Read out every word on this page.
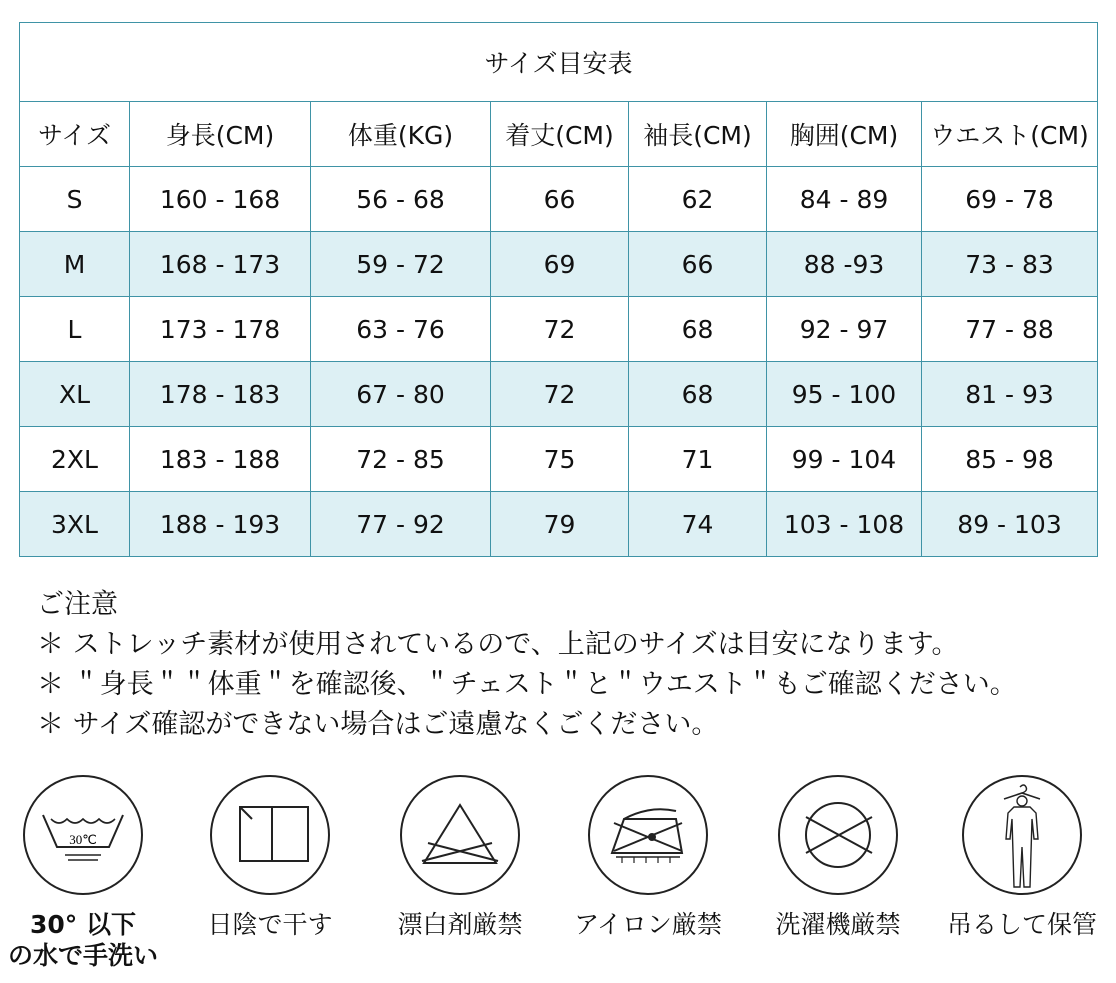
サイズ目安表						
サイズ	身長(CM)	体重(KG)	着丈(CM)	袖長(CM)	胸囲(CM)	ウエスト(CM)
S	160 - 168	56 - 68	66	62	84 - 89	69 - 78
M	168 - 173	59 - 72	69	66	88 -93	73 - 83
L	173 - 178	63 - 76	72	68	92 - 97	77 - 88
XL	178 - 183	67 - 80	72	68	95 - 100	81 - 93
2XL	183 - 188	72 - 85	75	71	99 - 104	85 - 98
3XL	188 - 193	77 - 92	79	74	103 - 108	89 - 103
ご注意
＊ ストレッチ素材が使用されているので、上記のサイズは目安になります。
＊ ＂身長＂＂体重＂を確認後、＂チェスト＂と＂ウエスト＂もご確認ください。
＊ サイズ確認ができない場合はご遠慮なくごください。
30℃
30° 以下
の水で手洗い
日陰で干す	漂白剤厳禁	アイロン厳禁	洗濯機厳禁	吊るして保管
